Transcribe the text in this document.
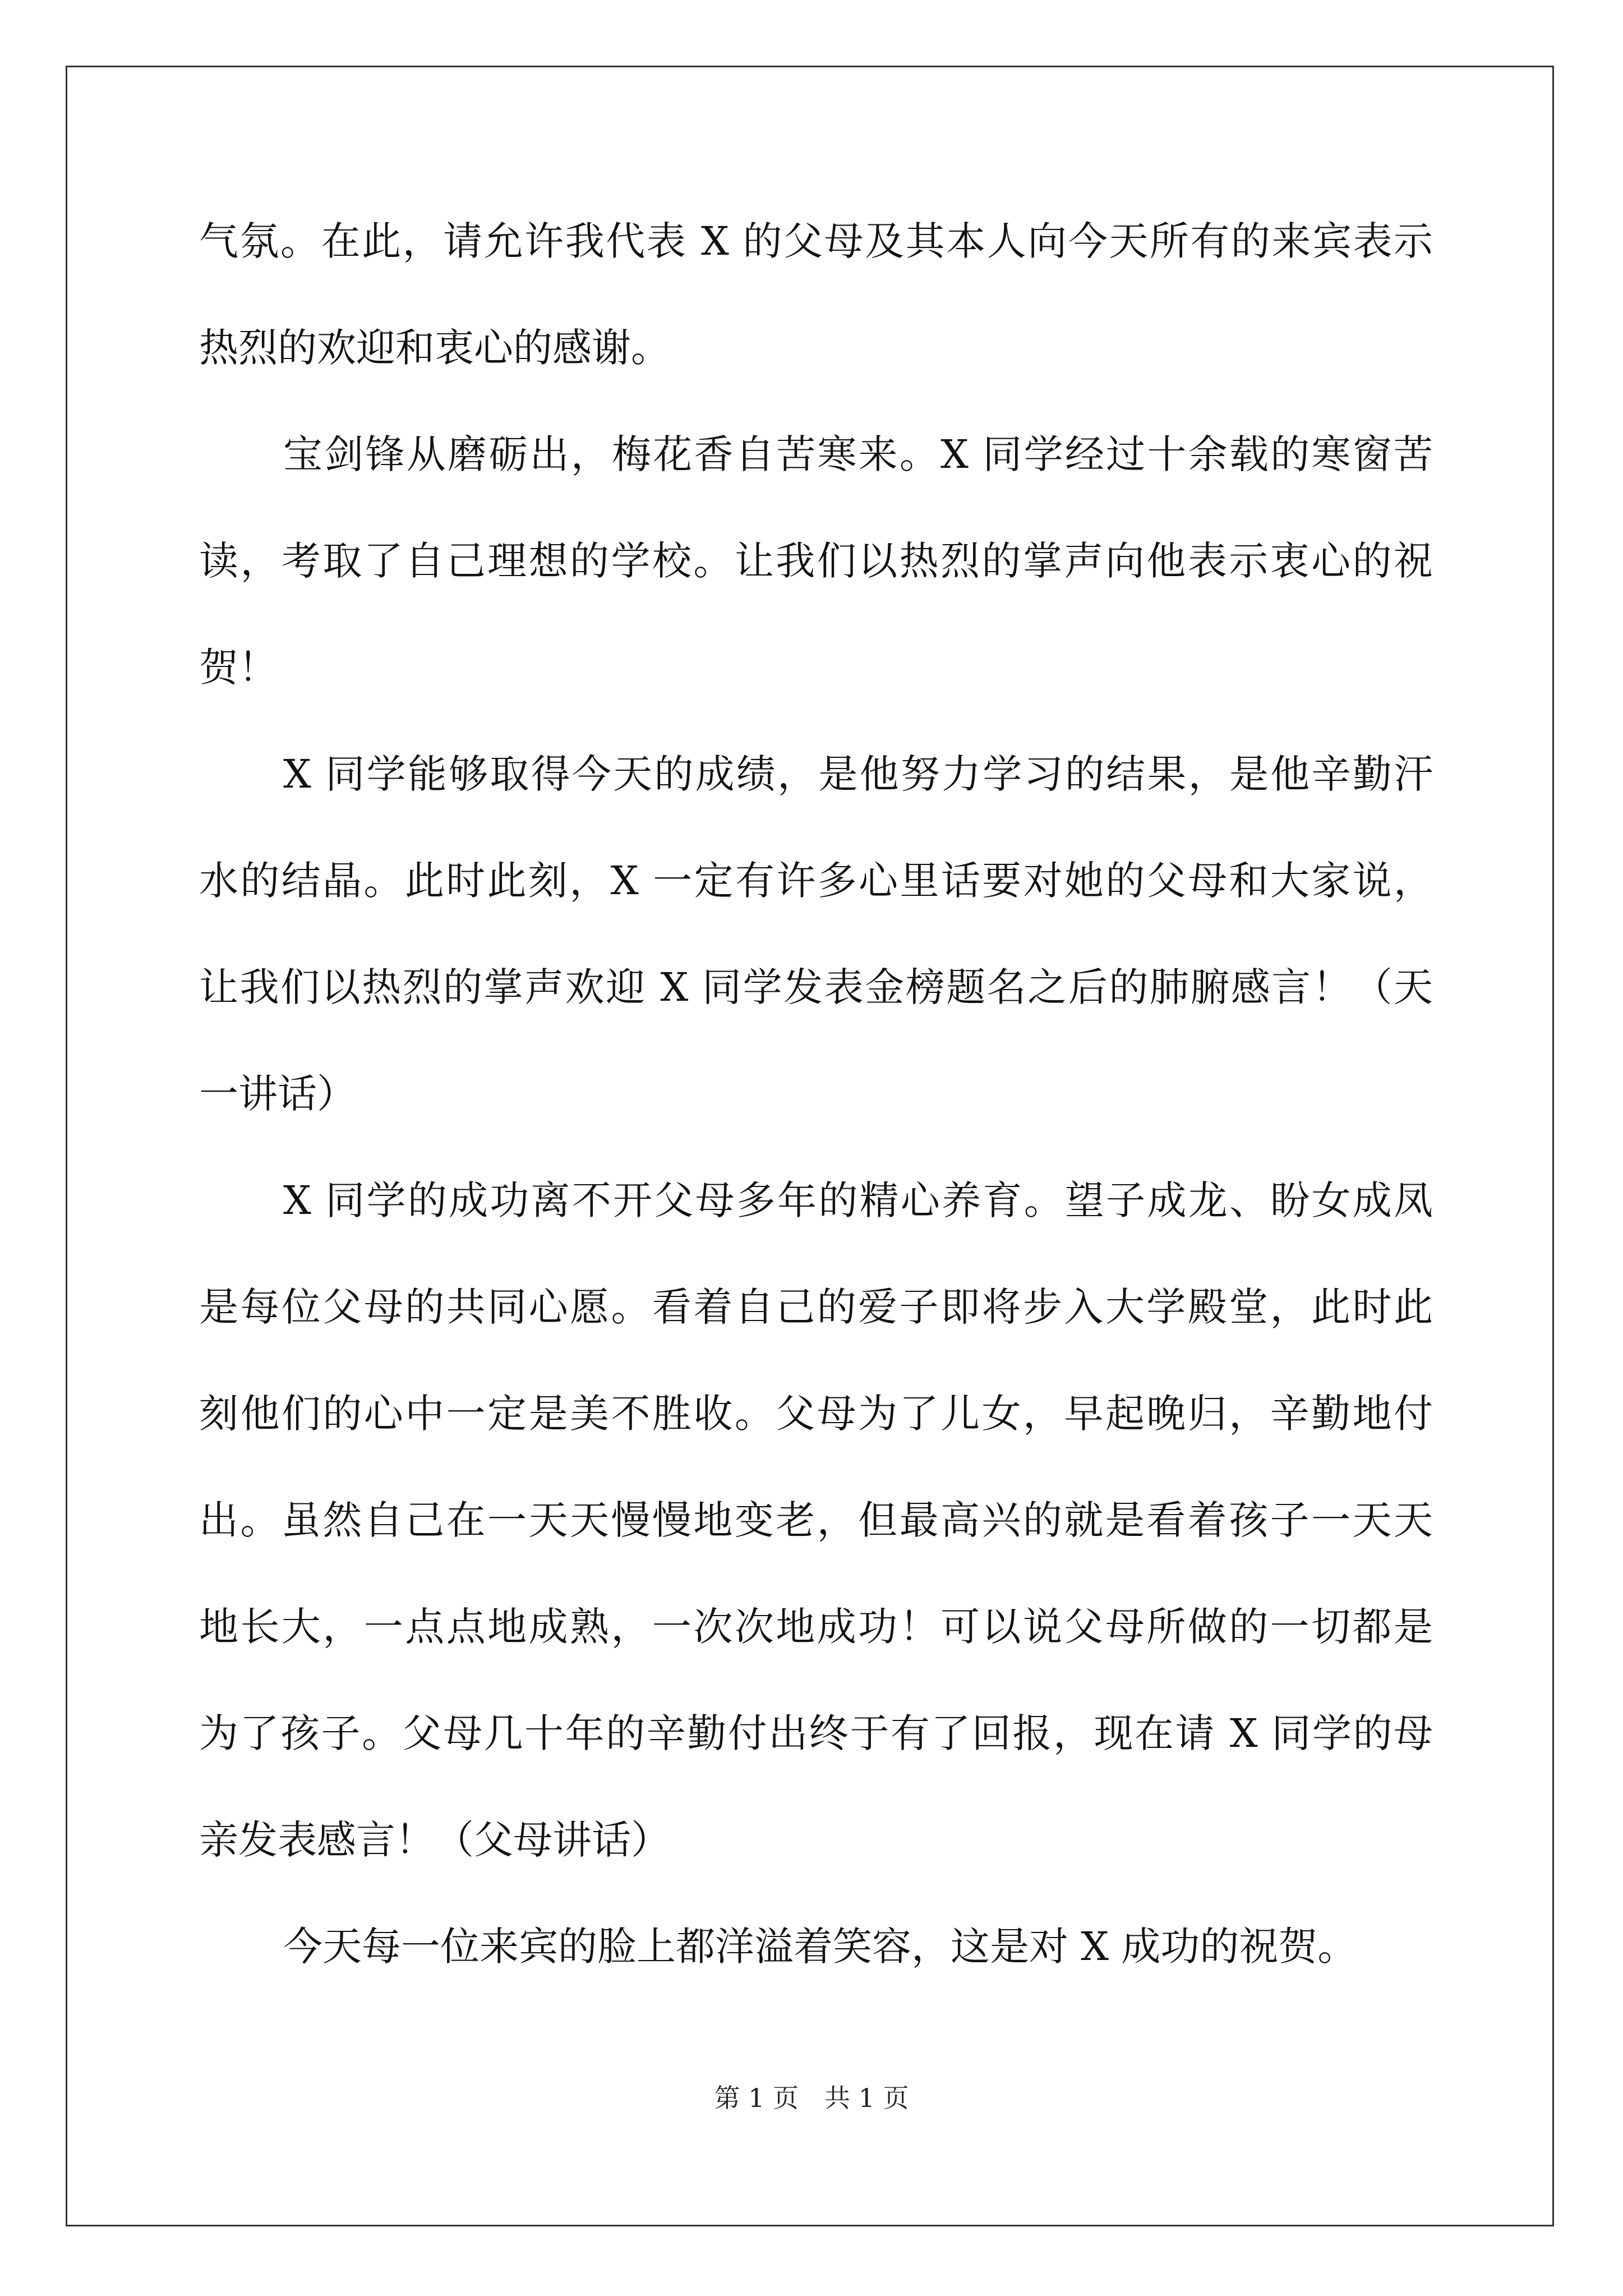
气氛。在此，请允许我代表 X 的父母及其本人向今天所有的来宾表示
热烈的欢迎和衷心的感谢。
宝剑锋从磨砺出，梅花香自苦寒来。X 同学经过十余载的寒窗苦
读，考取了自己理想的学校。让我们以热烈的掌声向他表示衷心的祝
贺！
X 同学能够取得今天的成绩，是他努力学习的结果，是他辛勤汗
水的结晶。此时此刻，X 一定有许多心里话要对她的父母和大家说，
让我们以热烈的掌声欢迎 X 同学发表金榜题名之后的肺腑感言！（天
一讲话）
X 同学的成功离不开父母多年的精心养育。望子成龙、盼女成凤
是每位父母的共同心愿。看着自己的爱子即将步入大学殿堂，此时此
刻他们的心中一定是美不胜收。父母为了儿女，早起晚归，辛勤地付
出。虽然自己在一天天慢慢地变老，但最高兴的就是看着孩子一天天
地长大，一点点地成熟，一次次地成功！可以说父母所做的一切都是
为了孩子。父母几十年的辛勤付出终于有了回报，现在请 X 同学的母
亲发表感言！（父母讲话）
今天每一位来宾的脸上都洋溢着笑容，这是对 X 成功的祝贺。
第 1 页　共 1 页
